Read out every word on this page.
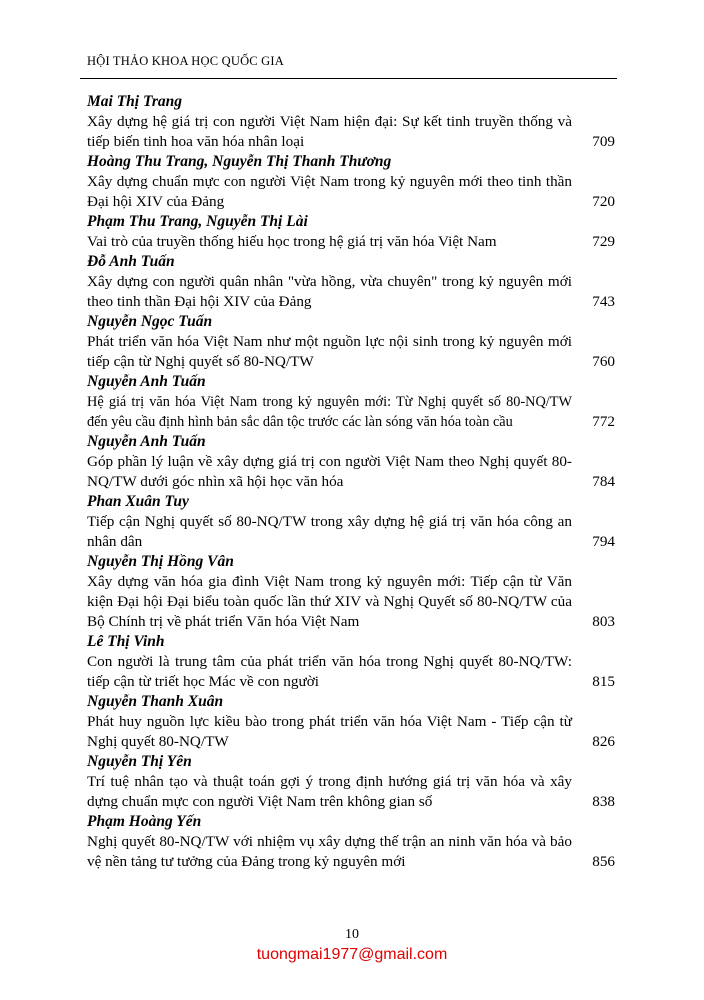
HỘI THẢO KHOA HỌC QUỐC GIA
Mai Thị Trang
Xây dựng hệ giá trị con người Việt Nam hiện đại: Sự kết tinh truyền thống và tiếp biến tinh hoa văn hóa nhân loại	709
Hoàng Thu Trang, Nguyễn Thị Thanh Thương
Xây dựng chuẩn mực con người Việt Nam trong kỷ nguyên mới theo tinh thần Đại hội XIV của Đảng	720
Phạm Thu Trang, Nguyễn Thị Lài
Vai trò của truyền thống hiếu học trong hệ giá trị văn hóa Việt Nam	729
Đỗ Anh Tuấn
Xây dựng con người quân nhân "vừa hồng, vừa chuyên" trong kỷ nguyên mới theo tinh thần Đại hội XIV của Đảng	743
Nguyễn Ngọc Tuấn
Phát triển văn hóa Việt Nam như một nguồn lực nội sinh trong kỷ nguyên mới tiếp cận từ Nghị quyết số 80-NQ/TW	760
Nguyễn Anh Tuấn
Hệ giá trị văn hóa Việt Nam trong kỷ nguyên mới: Từ Nghị quyết số 80-NQ/TW đến yêu cầu định hình bản sắc dân tộc trước các làn sóng văn hóa toàn cầu	772
Nguyễn Anh Tuấn
Góp phần lý luận về xây dựng giá trị con người Việt Nam theo Nghị quyết 80-NQ/TW dưới góc nhìn xã hội học văn hóa	784
Phan Xuân Tuy
Tiếp cận Nghị quyết số 80-NQ/TW trong xây dựng hệ giá trị văn hóa công an nhân dân	794
Nguyễn Thị Hồng Vân
Xây dựng văn hóa gia đình Việt Nam trong kỷ nguyên mới: Tiếp cận từ Văn kiện Đại hội Đại biểu toàn quốc lần thứ XIV và Nghị Quyết số 80-NQ/TW của Bộ Chính trị về phát triển Văn hóa Việt Nam	803
Lê Thị Vinh
Con người là trung tâm của phát triển văn hóa trong Nghị quyết 80-NQ/TW: tiếp cận từ triết học Mác về con người	815
Nguyễn Thanh Xuân
Phát huy nguồn lực kiều bào trong phát triển văn hóa Việt Nam - Tiếp cận từ Nghị quyết 80-NQ/TW	826
Nguyễn Thị Yên
Trí tuệ nhân tạo và thuật toán gợi ý trong định hướng giá trị văn hóa và xây dựng chuẩn mực con người Việt Nam trên không gian số	838
Phạm Hoàng Yến
Nghị quyết 80-NQ/TW với nhiệm vụ xây dựng thế trận an ninh văn hóa và bảo vệ nền tảng tư tưởng của Đảng trong kỷ nguyên mới	856
10
tuongmai1977@gmail.com
